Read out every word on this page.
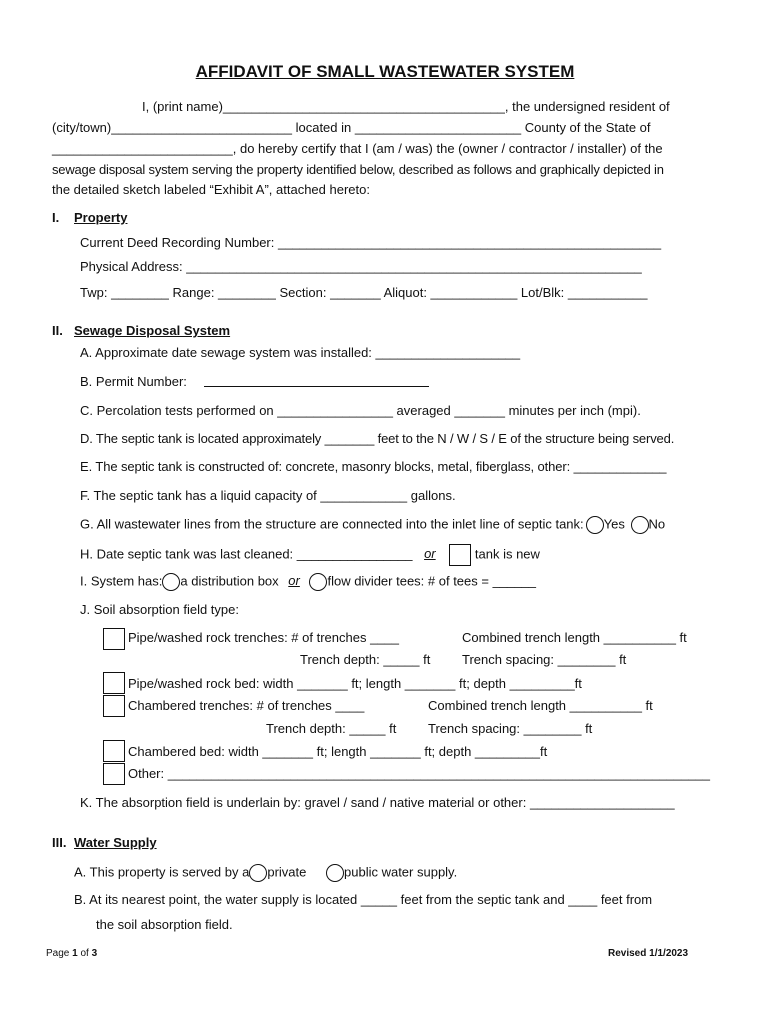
AFFIDAVIT OF SMALL WASTEWATER SYSTEM
I, (print name)_______________________________________, the undersigned resident of
(city/town)_________________________ located in _______________________ County of the State of
_________________________, do hereby certify that I (am / was) the (owner / contractor / installer) of the
sewage disposal system serving the property identified below, described as follows and graphically depicted in
the detailed sketch labeled “Exhibit A”, attached hereto:
I. Property
Current Deed Recording Number: _____________________________________________________
Physical Address: _______________________________________________________________
Twp: ________ Range: ________ Section: _______ Aliquot: ____________ Lot/Blk: ___________
II. Sewage Disposal System
A. Approximate date sewage system was installed: ____________________
B. Permit Number:
C. Percolation tests performed on ________________ averaged _______ minutes per inch (mpi).
D. The septic tank is located approximately _______ feet to the N / W / S / E of the structure being served.
E. The septic tank is constructed of: concrete, masonry blocks, metal, fiberglass, other: _____________
F. The septic tank has a liquid capacity of ____________ gallons.
G. All wastewater lines from the structure are connected into the inlet line of septic tank: Yes No
H. Date septic tank was last cleaned: ________________ or	tank is new
I. System has: a distribution box or flow divider tees: # of tees = ______
J. Soil absorption field type:
Pipe/washed rock trenches: # of trenches ____	Combined trench length __________ ft
Trench depth: _____ ft Trench spacing: ________ ft
Pipe/washed rock bed: width _______ ft; length _______ ft; depth _________ft
Chambered trenches: # of trenches ____	Combined trench length __________ ft
Trench depth: _____ ft Trench spacing: ________ ft
Chambered bed: width _______ ft; length _______ ft; depth _________ft
Other: ___________________________________________________________________________
K. The absorption field is underlain by: gravel / sand / native material or other: ____________________
III. Water Supply
A. This property is served by a private	public water supply.
B. At its nearest point, the water supply is located _____ feet from the septic tank and ____ feet from
the soil absorption field.
Page 1 of 3	Revised 1/1/2023
